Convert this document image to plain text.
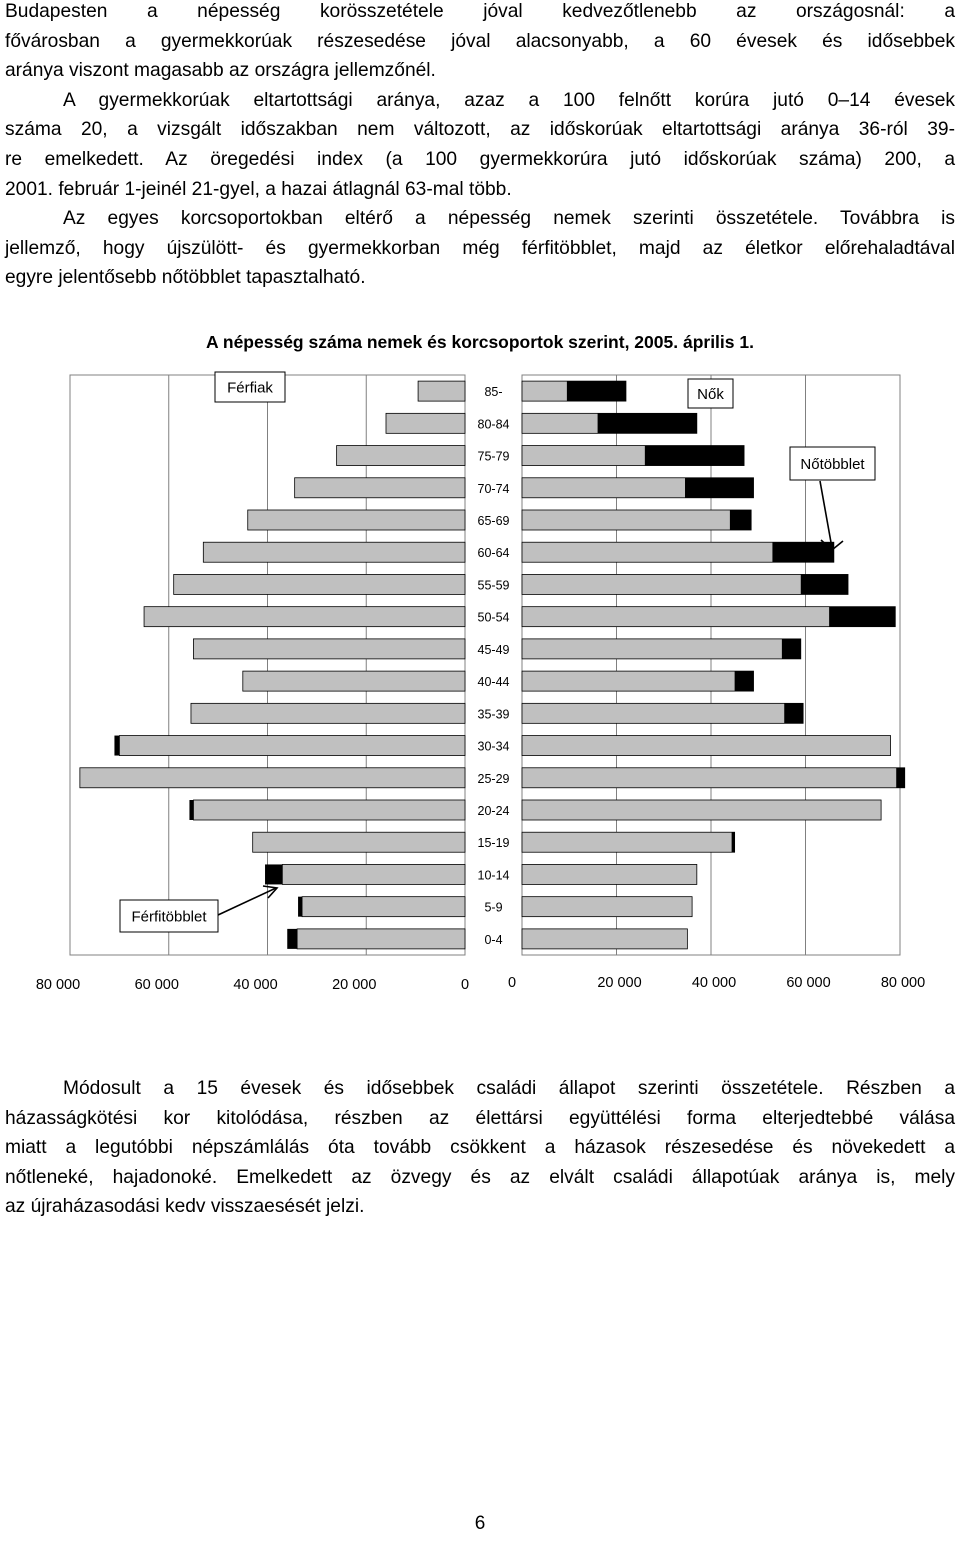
Budapesten a népesség korösszetétele jóval kedvezőtlenebb az országosnál: a
fővárosban a gyermekkorúak részesedése jóval alacsonyabb, a 60 évesek és idősebbek
aránya viszont magasabb az országra jellemzőnél.
A gyermekkorúak eltartottsági aránya, azaz a 100 felnőtt korúra jutó 0–14 évesek
száma 20, a vizsgált időszakban nem változott, az időskorúak eltartottsági aránya 36-ról 39-
re emelkedett. Az öregedési index (a 100 gyermekkorúra jutó időskorúak száma) 200, a
2001. február 1-jeinél 21-gyel, a hazai átlagnál 63-mal több.
Az egyes korcsoportokban eltérő a népesség nemek szerinti összetétele. Továbbra is
jellemző, hogy újszülött- és gyermekkorban még férfitöbblet, majd az életkor előrehaladtával
egyre jelentősebb nőtöbblet tapasztalható.
A népesség száma nemek és korcsoportok szerint, 2005. április 1.
85-
80-84
75-79
70-74
65-69
60-64
55-59
50-54
45-49
40-44
35-39
30-34
25-29
20-24
15-19
10-14
5-9
0-4
80 000	60 000	40 000	20 000	0	0	20 000	40 000	60 000	80 000
Férfiak	Nők
Nőtöbblet
Férfitöbblet
Módosult a 15 évesek és idősebbek családi állapot szerinti összetétele. Részben a
házasságkötési kor kitolódása, részben az élettársi együttélési forma elterjedtebbé válása
miatt a legutóbbi népszámlálás óta tovább csökkent a házasok részesedése és növekedett a
nőtleneké, hajadonoké. Emelkedett az özvegy és az elvált családi állapotúak aránya is, mely
az újraházasodási kedv visszaesését jelzi.
6
